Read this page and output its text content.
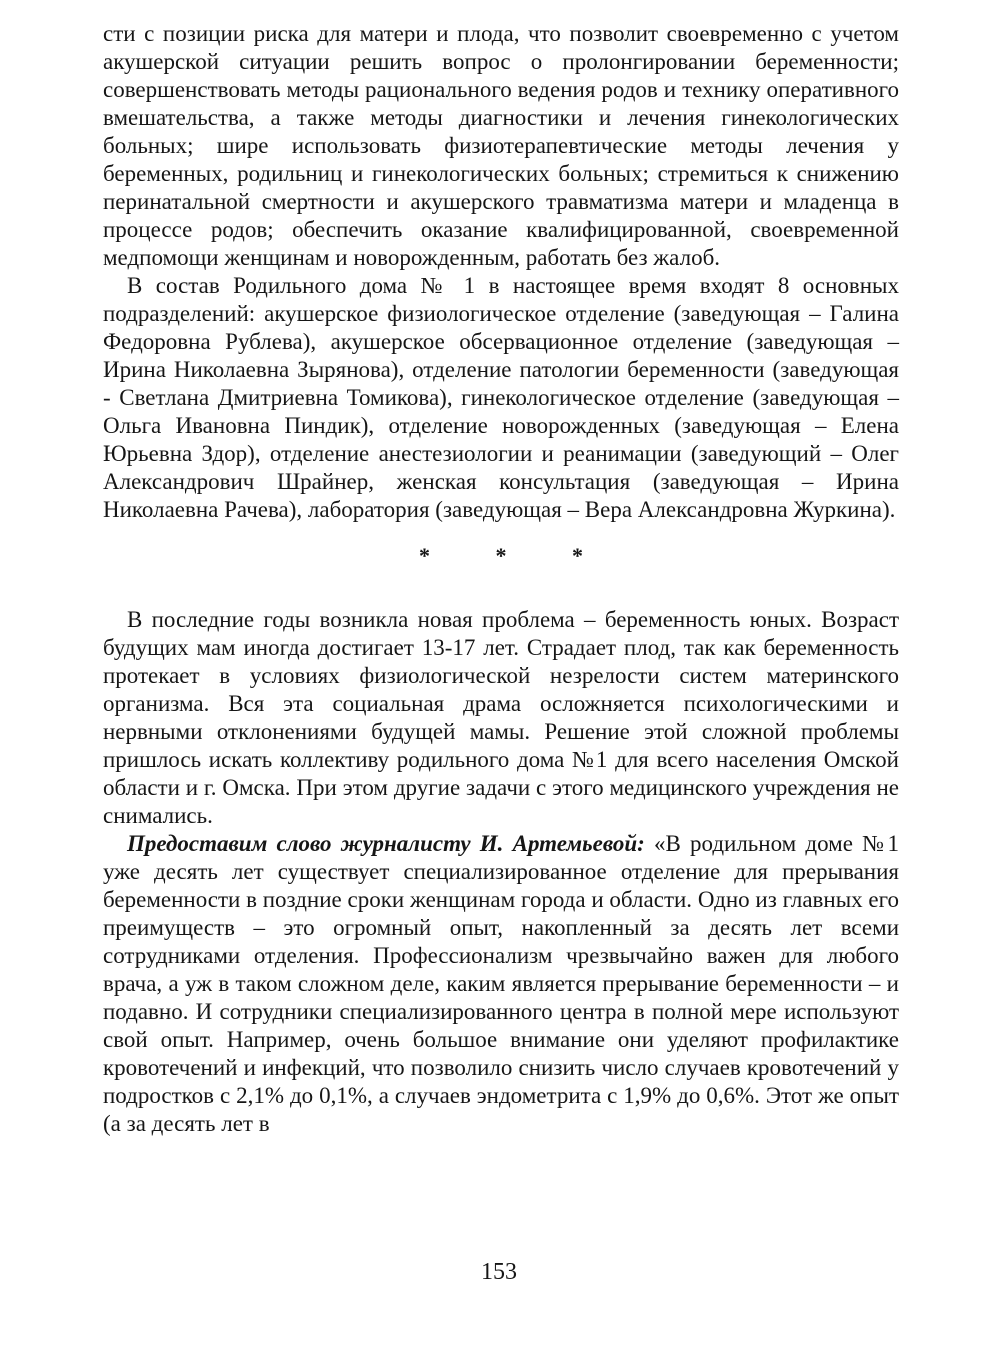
сти с позиции риска для матери и плода, что позволит своевременно с учетом акушерской ситуации решить вопрос о пролонгировании беременности; совершенствовать методы рационального ведения родов и технику оперативного вмешательства, а также методы диагностики и лечения гинекологических больных; шире использовать физиотерапевтические методы лечения у беременных, родильниц и гинекологических больных; стремиться к снижению перинатальной смертности и акушерского травматизма матери и младенца в процессе родов; обеспечить оказание квалифицированной, своевременной медпомощи женщинам и новорожденным, работать без жалоб.

В состав Родильного дома № 1 в настоящее время входят 8 основных подразделений: акушерское физиологическое отделение (заведующая – Галина Федоровна Рублева), акушерское обсервационное отделение (заведующая – Ирина Николаевна Зырянова), отделение патологии беременности (заведующая - Светлана Дмитриевна Томикова), гинекологическое отделение (заведующая – Ольга Ивановна Пиндик), отделение новорожденных (заведующая – Елена Юрьевна Здор), отделение анестезиологии и реанимации (заведующий – Олег Александрович Шрайнер, женская консультация (заведующая – Ирина Николаевна Рачева), лаборатория (заведующая – Вера Александровна Журкина).

* * *

В последние годы возникла новая проблема – беременность юных. Возраст будущих мам иногда достигает 13-17 лет. Страдает плод, так как беременность протекает в условиях физиологической незрелости систем материнского организма. Вся эта социальная драма осложняется психологическими и нервными отклонениями будущей мамы. Решение этой сложной проблемы пришлось искать коллективу родильного дома №1 для всего населения Омской области и г. Омска. При этом другие задачи с этого медицинского учреждения не снимались.

Предоставим слово журналисту И. Артемьевой: «В родильном доме №1 уже десять лет существует специализированное отделение для прерывания беременности в поздние сроки женщинам города и области. Одно из главных его преимуществ – это огромный опыт, накопленный за десять лет всеми сотрудниками отделения. Профессионализм чрезвычайно важен для любого врача, а уж в таком сложном деле, каким является прерывание беременности – и подавно. И сотрудники специализированного центра в полной мере используют свой опыт. Например, очень большое внимание они уделяют профилактике кровотечений и инфекций, что позволило снизить число случаев кровотечений у подростков с 2,1% до 0,1%, а случаев эндометрита с 1,9% до 0,6%. Этот же опыт (а за десять лет в

153
